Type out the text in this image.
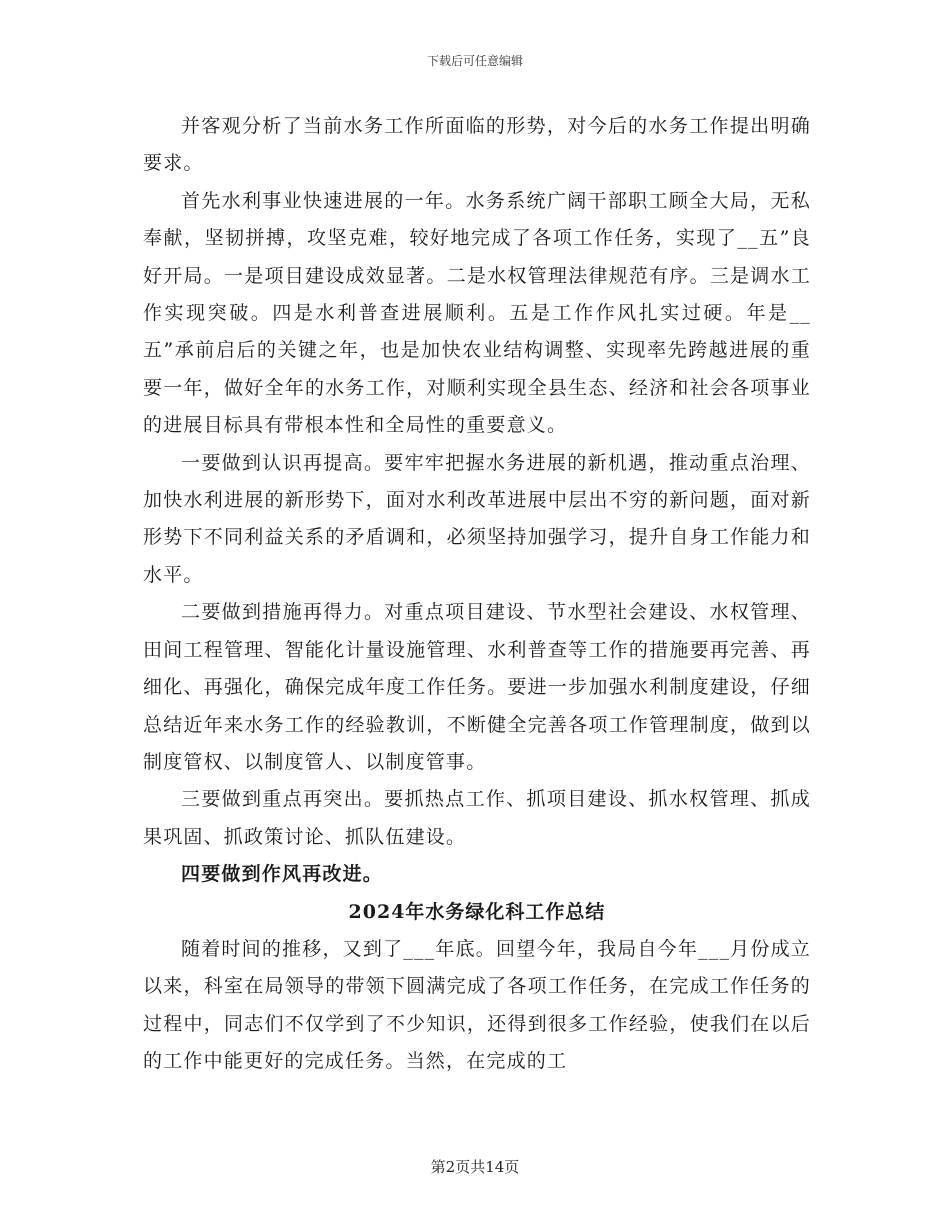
下载后可任意编辑

并客观分析了当前水务工作所面临的形势，对今后的水务工作提出明确要求。

首先水利事业快速进展的一年。水务系统广阔干部职工顾全大局，无私奉献，坚韧拼搏，攻坚克难，较好地完成了各项工作任务，实现了__五”良好开局。一是项目建设成效显著。二是水权管理法律规范有序。三是调水工作实现突破。四是水利普查进展顺利。五是工作作风扎实过硬。年是__五”承前启后的关键之年，也是加快农业结构调整、实现率先跨越进展的重要一年，做好全年的水务工作，对顺利实现全县生态、经济和社会各项事业的进展目标具有带根本性和全局性的重要意义。

一要做到认识再提高。要牢牢把握水务进展的新机遇，推动重点治理、加快水利进展的新形势下，面对水利改革进展中层出不穷的新问题，面对新形势下不同利益关系的矛盾调和，必须坚持加强学习，提升自身工作能力和水平。

二要做到措施再得力。对重点项目建设、节水型社会建设、水权管理、田间工程管理、智能化计量设施管理、水利普查等工作的措施要再完善、再细化、再强化，确保完成年度工作任务。要进一步加强水利制度建设，仔细总结近年来水务工作的经验教训，不断健全完善各项工作管理制度，做到以制度管权、以制度管人、以制度管事。

三要做到重点再突出。要抓热点工作、抓项目建设、抓水权管理、抓成果巩固、抓政策讨论、抓队伍建设。

四要做到作风再改进。

2024年水务绿化科工作总结

随着时间的推移，又到了___年底。回望今年，我局自今年___月份成立以来，科室在局领导的带领下圆满完成了各项工作任务，在完成工作任务的过程中，同志们不仅学到了不少知识，还得到很多工作经验，使我们在以后的工作中能更好的完成任务。当然，在完成的工

第2页共14页
